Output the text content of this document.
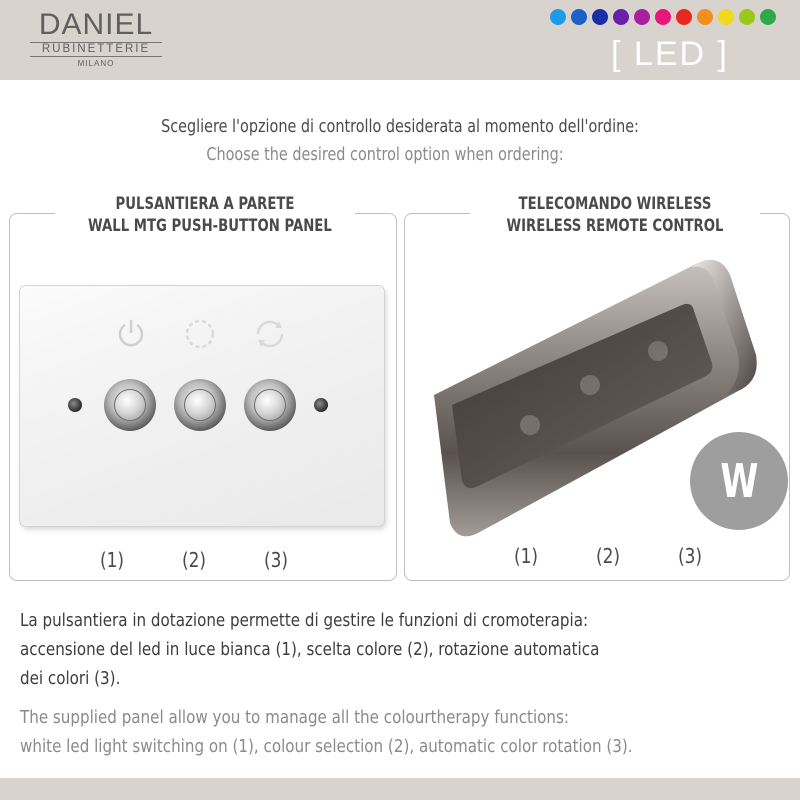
DANIEL
RUBINETTERIE
MILANO	[ LED ]
Scegliere l'opzione di controllo desiderata al momento dell'ordine:
Choose the desired control option when ordering:
PULSANTIERA A PARETE
WALL MTG PUSH-BUTTON PANEL
(1)	(2)	(3)
TELECOMANDO WIRELESS
WIRELESS REMOTE CONTROL
W
(1)	(2)	(3)
La pulsantiera in dotazione permette di gestire le funzioni di cromoterapia:
accensione del led in luce bianca (1), scelta colore (2), rotazione automatica
dei colori (3).
The supplied panel allow you to manage all the colourtherapy functions:
white led light switching on (1), colour selection (2), automatic color rotation (3).
